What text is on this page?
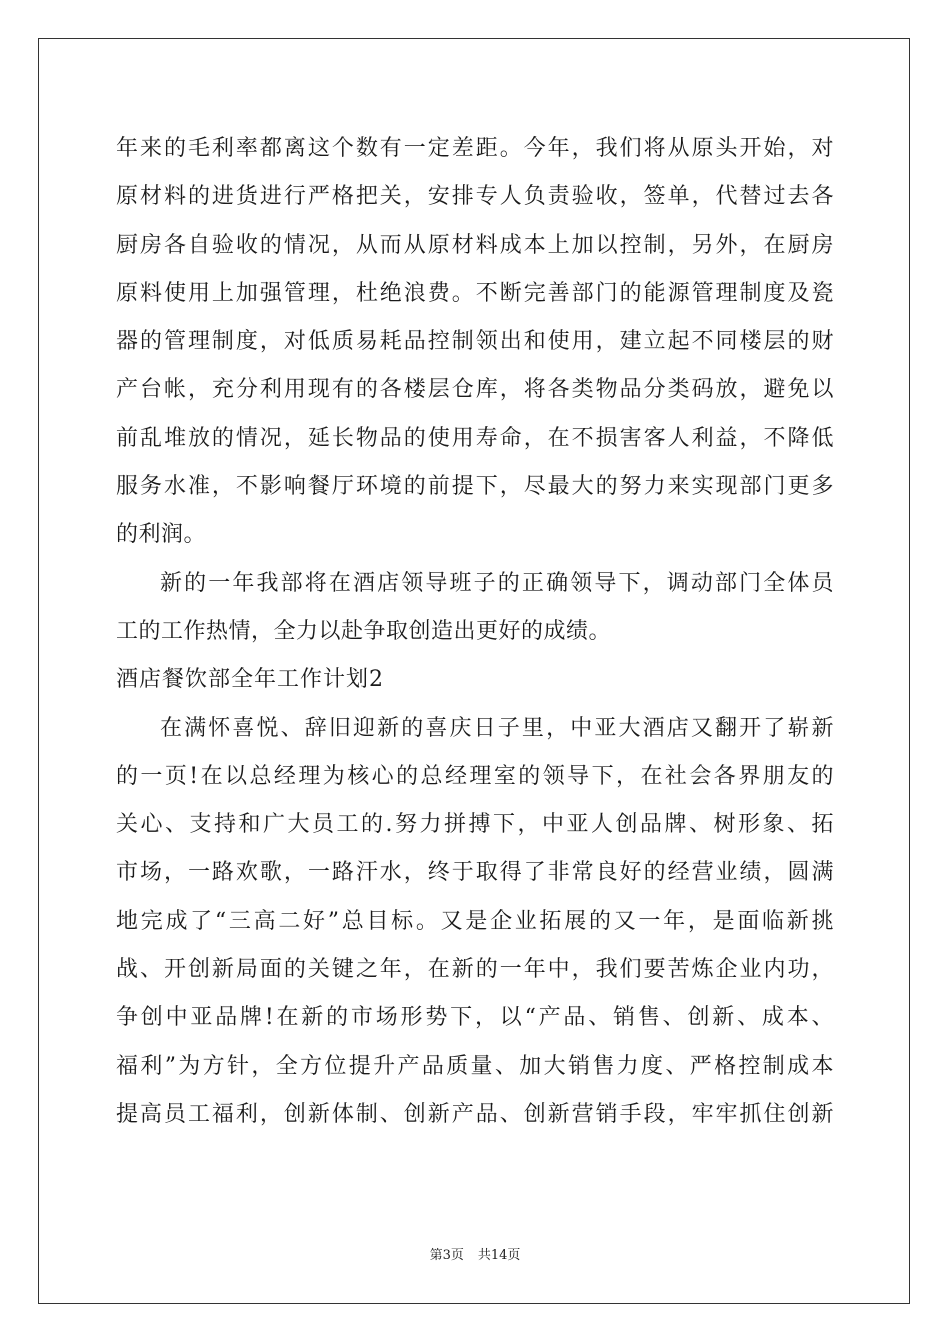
年来的毛利率都离这个数有一定差距。今年，我们将从原头开始，对
原材料的进货进行严格把关，安排专人负责验收，签单，代替过去各
厨房各自验收的情况，从而从原材料成本上加以控制，另外，在厨房
原料使用上加强管理，杜绝浪费。不断完善部门的能源管理制度及瓷
器的管理制度，对低质易耗品控制领出和使用，建立起不同楼层的财
产台帐，充分利用现有的各楼层仓库，将各类物品分类码放，避免以
前乱堆放的情况，延长物品的使用寿命，在不损害客人利益，不降低
服务水准，不影响餐厅环境的前提下，尽最大的努力来实现部门更多
的利润。
新的一年我部将在酒店领导班子的正确领导下，调动部门全体员
工的工作热情，全力以赴争取创造出更好的成绩。
酒店餐饮部全年工作计划2
在满怀喜悦、辞旧迎新的喜庆日子里，中亚大酒店又翻开了崭新
的一页!在以总经理为核心的总经理室的领导下，在社会各界朋友的
关心、支持和广大员工的.努力拼搏下，中亚人创品牌、树形象、拓
市场，一路欢歌，一路汗水，终于取得了非常良好的经营业绩，圆满
地完成了“三高二好”总目标。又是企业拓展的又一年，是面临新挑
战、开创新局面的关键之年，在新的一年中，我们要苦炼企业内功，
争创中亚品牌!在新的市场形势下，以“产品、销售、创新、成本、
福利”为方针，全方位提升产品质量、加大销售力度、严格控制成本
提高员工福利，创新体制、创新产品、创新营销手段，牢牢抓住创新
第3页 共14页
